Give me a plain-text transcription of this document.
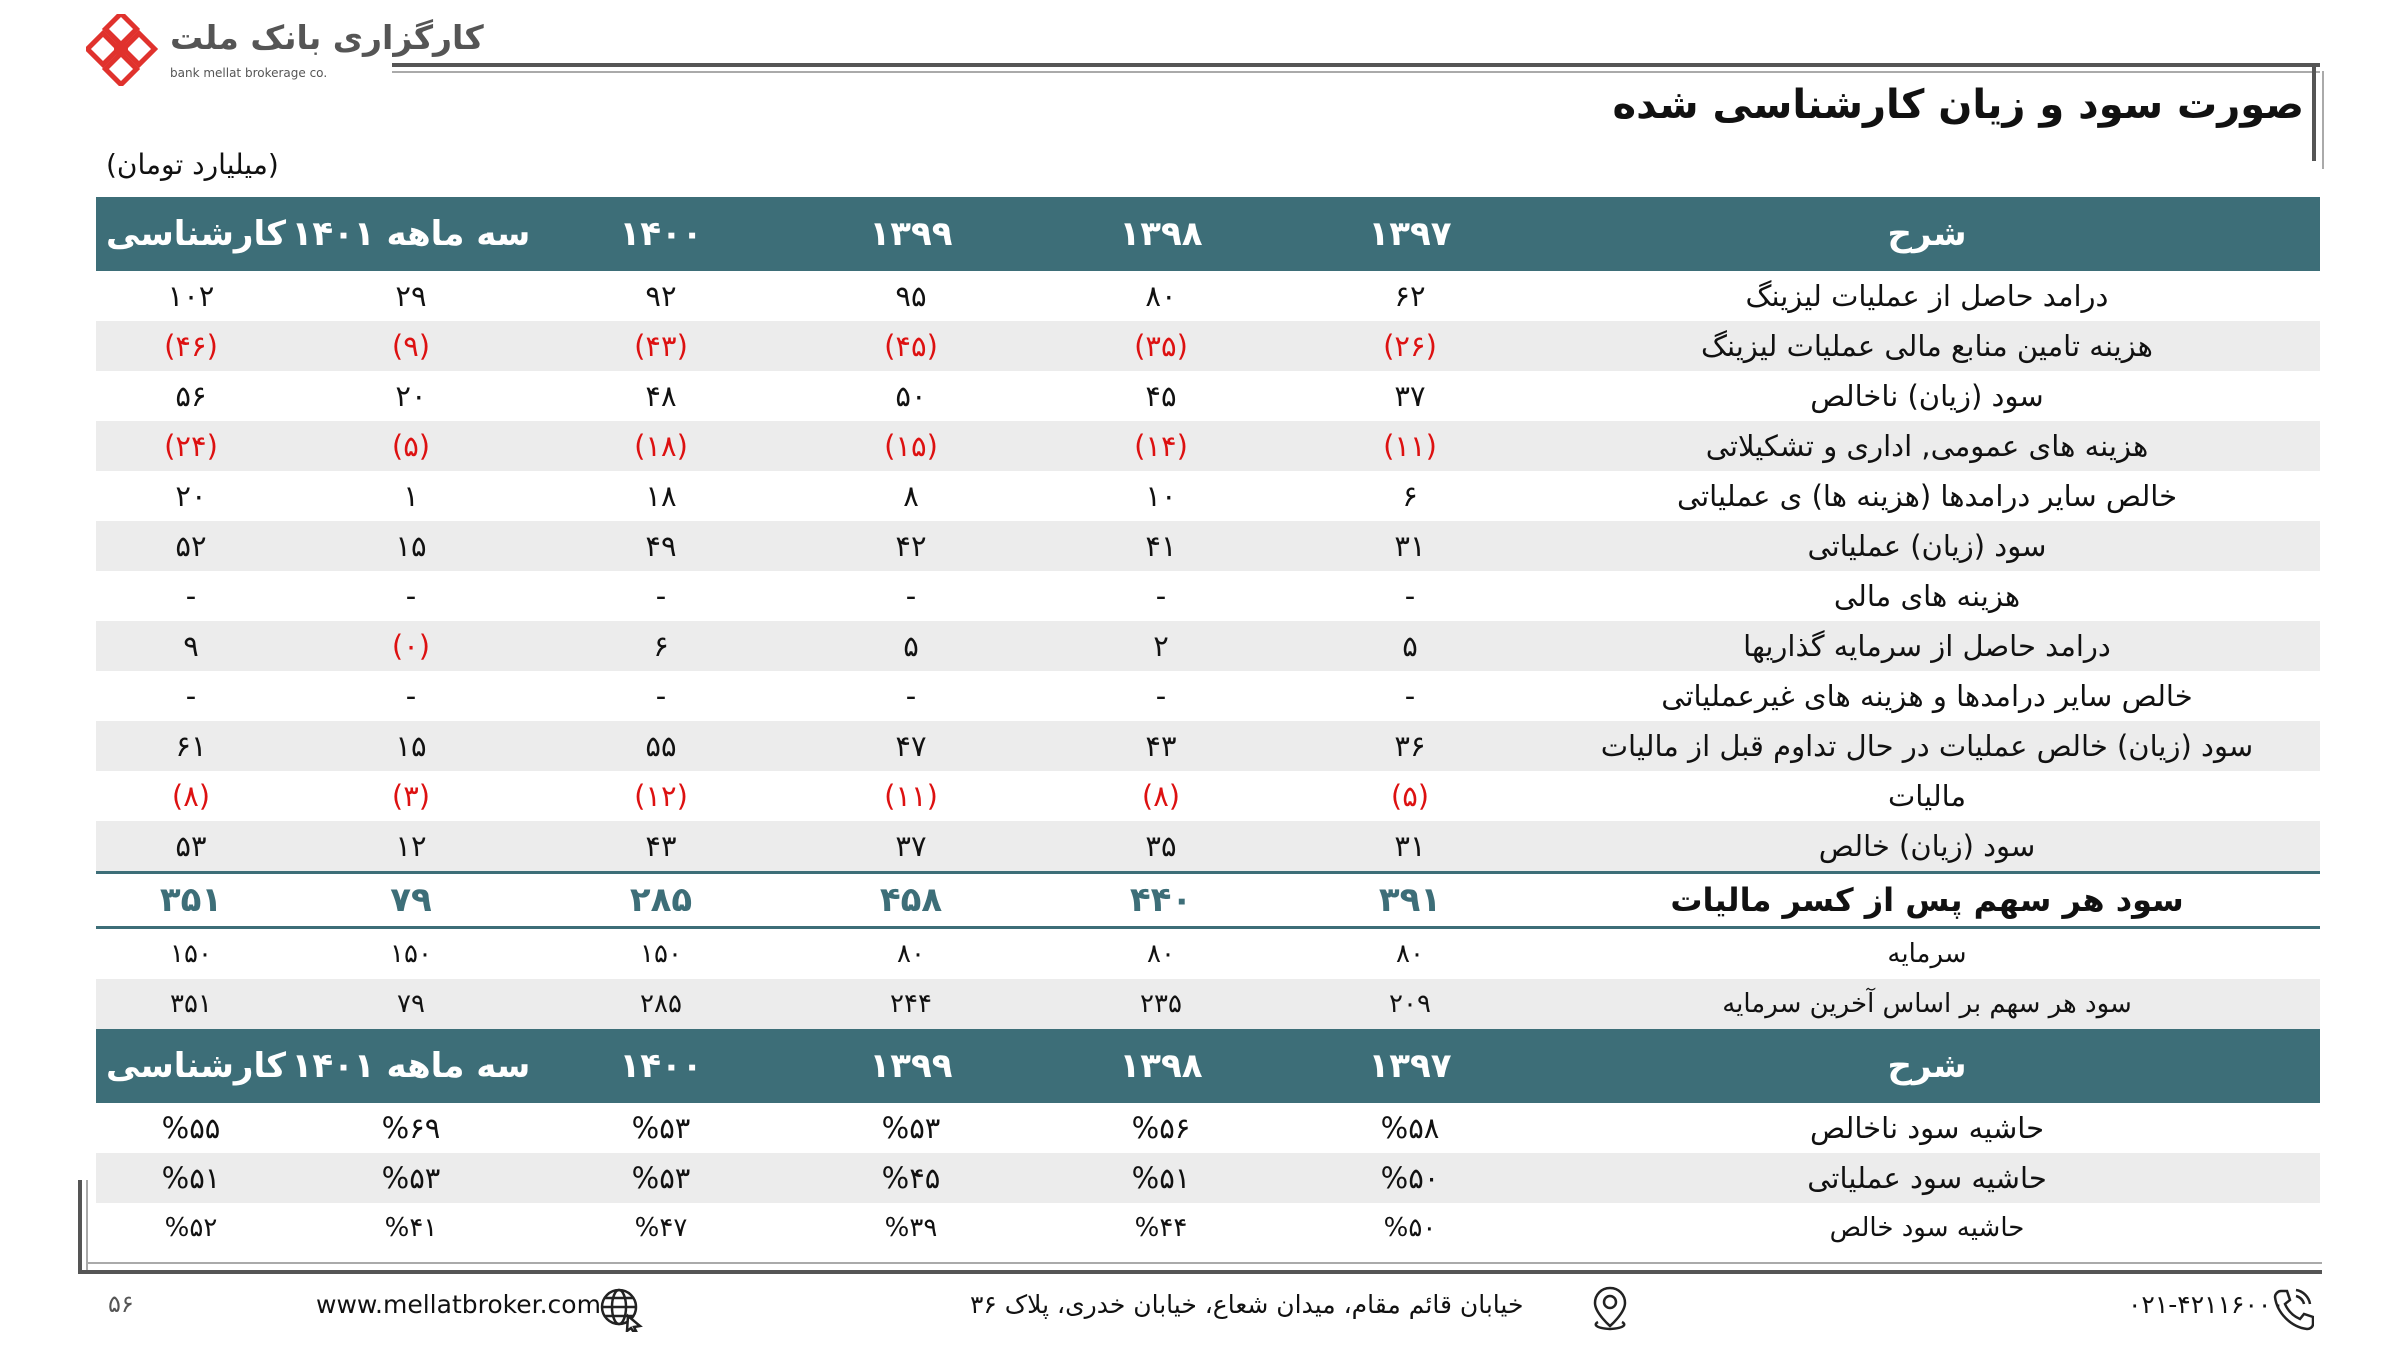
کارگزاری بانک ملت
bank mellat brokerage co.
صورت سود و زیان کارشناسی شده
(میلیارد تومان)
شرح	۱۳۹۷	۱۳۹۸	۱۳۹۹	۱۴۰۰	سه ماهه ۱۴۰۱	کارشناسی ۱۴۰۱
درامد حاصل از عملیات لیزینگ	۶۲	۸۰	۹۵	۹۲	۲۹	۱۰۲
هزینه تامین منابع مالی عملیات لیزینگ	(۲۶)	(۳۵)	(۴۵)	(۴۳)	(۹)	(۴۶)
سود (زیان) ناخالص	۳۷	۴۵	۵۰	۴۸	۲۰	۵۶
هزینه های عمومی, اداری و تشکیلاتی	(۱۱)	(۱۴)	(۱۵)	(۱۸)	(۵)	(۲۴)
خالص سایر درامدها (هزینه ها) ی عملیاتی	۶	۱۰	۸	۱۸	۱	۲۰
سود (زیان) عملیاتی	۳۱	۴۱	۴۲	۴۹	۱۵	۵۲
هزینه های مالی	-	-	-	-	-	-
درامد حاصل از سرمایه گذاریها	۵	۲	۵	۶	(۰)	۹
خالص سایر درامدها و هزینه های غیرعملیاتی	-	-	-	-	-	-
سود (زیان) خالص عملیات در حال تداوم قبل از مالیات	۳۶	۴۳	۴۷	۵۵	۱۵	۶۱
مالیات	(۵)	(۸)	(۱۱)	(۱۲)	(۳)	(۸)
سود (زیان) خالص	۳۱	۳۵	۳۷	۴۳	۱۲	۵۳
سود هر سهم پس از کسر مالیات	۳۹۱	۴۴۰	۴۵۸	۲۸۵	۷۹	۳۵۱
سرمایه	۸۰	۸۰	۸۰	۱۵۰	۱۵۰	۱۵۰
سود هر سهم بر اساس آخرین سرمایه	۲۰۹	۲۳۵	۲۴۴	۲۸۵	۷۹	۳۵۱
شرح	۱۳۹۷	۱۳۹۸	۱۳۹۹	۱۴۰۰	سه ماهه ۱۴۰۱	کارشناسی ۱۴۰۱
حاشیه سود ناخالص	%۵۸	%۵۶	%۵۳	%۵۳	%۶۹	%۵۵
حاشیه سود عملیاتی	%۵۰	%۵۱	%۴۵	%۵۳	%۵۳	%۵۱
حاشیه سود خالص	%۵۰	%۴۴	%۳۹	%۴۷	%۴۱	%۵۲
۵۶	www.mellatbroker.com	خیابان قائم مقام، میدان شعاع، خیابان خدری، پلاک ۳۶	۰۲۱-۴۲۱۱۶۰۰۰
